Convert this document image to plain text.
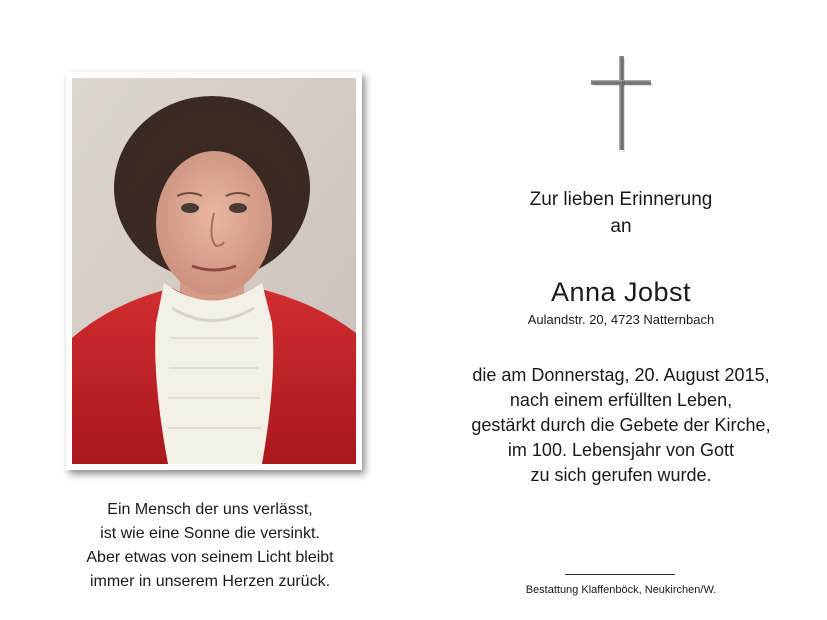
Ein Mensch der uns verlässt,
ist wie eine Sonne die versinkt.
Aber etwas von seinem Licht bleibt
immer in unserem Herzen zurück.
Zur lieben Erinnerung
an
Anna Jobst
Aulandstr. 20, 4723 Natternbach
die am Donnerstag, 20. August 2015,
nach einem erfüllten Leben,
gestärkt durch die Gebete der Kirche,
im 100. Lebensjahr von Gott
zu sich gerufen wurde.
Bestattung Klaffenböck, Neukirchen/W.
